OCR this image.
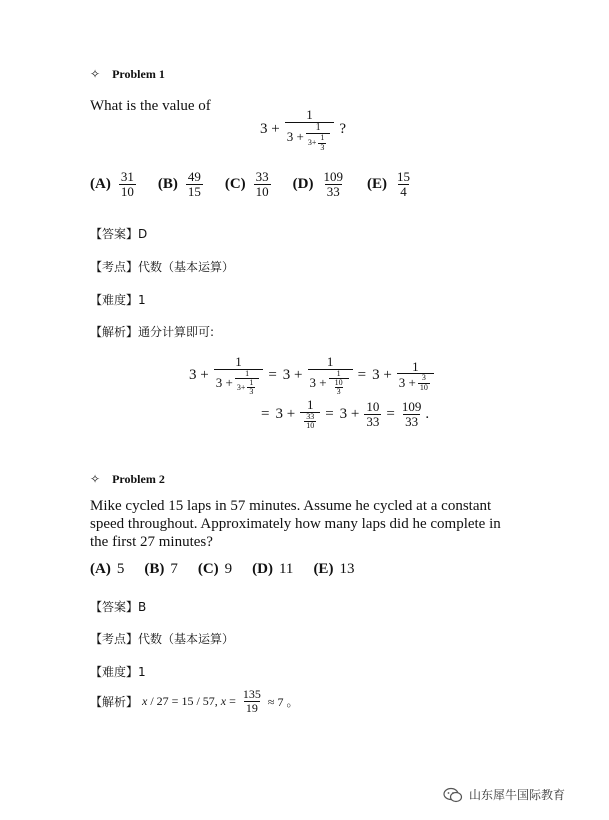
✧ Problem 1
What is the value of
3 +
1
$3 + \frac{1}{3+ \frac{1}{3}}$ ?
$(A) \frac{31}{10} (B) \frac{49}{15} (C) \frac{33}{10} (D) \frac{109}{33} (E) \frac{15}{4}$
【答案】D
【考点】代数（基本运算）
【难度】1
【解析】通分计算即可:
3 +
1
$3 + \frac{1}{3+ \frac{1}{3}} = 3$ +
1
$3 + \frac{1}{\frac{10}{3}} = 3 + \frac{1}{3 + \frac{3}{10}}$
= $3 + \frac{1}{\frac{33}{10}} = 3 + \frac{10}{33} = \frac{109}{33}$ .
✧ Problem 2
Mike cycled 15 laps in 57 minutes. Assume he cycled at a constant speed throughout. Approximately how many laps did he complete in the first 27 minutes?
(A) 5 (B) 7 (C) 9 (D) 11 (E) 13
【答案】B
【考点】代数（基本运算）
【难度】1
【解析】 x / 27 = 15 / 57, $x = \frac{135}{19} \approx 7$ 。
山东犀牛国际教育
